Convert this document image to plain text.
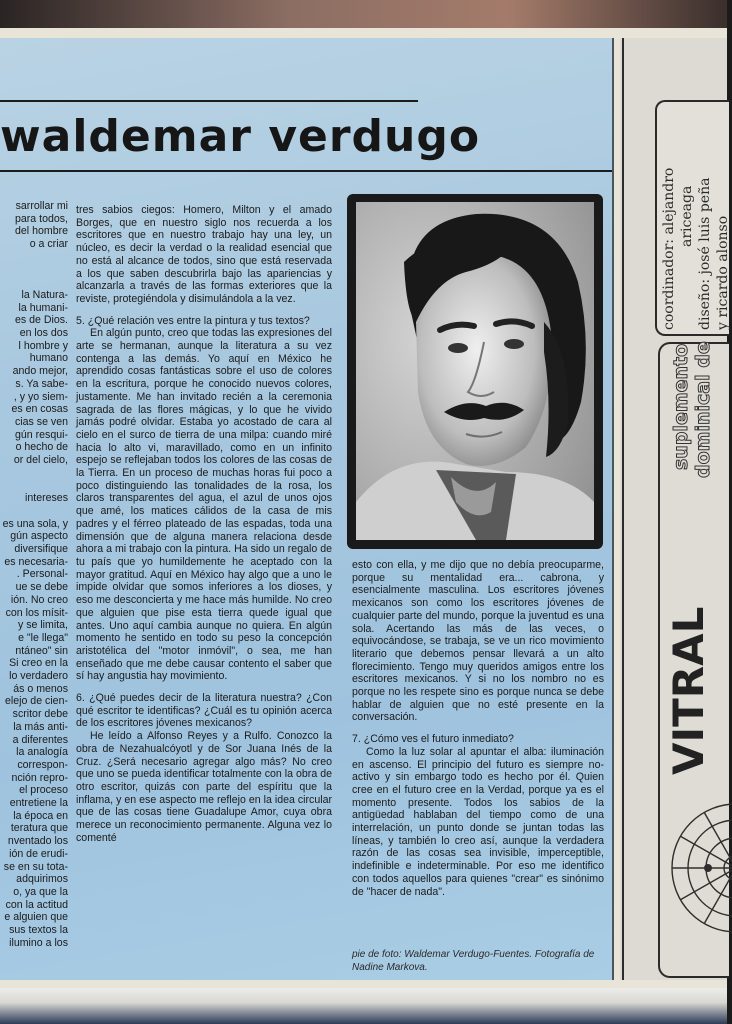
waldemar verdugo
sarrollar mi
para todos,
del hombre
o a criar

la Natura-
la humani-
es de Dios.
en los dos
l hombre y
humano
ando mejor,
s. Ya sabe-
, y yo siem-
es en cosas
cias se ven
gún resqui-
o hecho de
or del cielo,

intereses

es una sola, y
gún aspecto
diversifique
es necesaria-
. Personal-
ue se debe
ión. No creo
con los mísit-
y se limita,
e "le llega"
ntáneo" sin
Si creo en la
lo verdadero
ás o menos
elejo de cien-
scritor debe
la más anti-
a diferentes
la analogía
correspon-
nción repro-
el proceso
entretiene la
la época en
teratura que
nventado los
ión de erudi-
se en su tota-
adquirimos
o, ya que la
con la actitud
e alguien que
sus textos la
ilumino a los

tres sabios ciegos: Homero, Milton y el amado Borges, que en nuestro siglo nos recuerda a los escritores que en nuestro trabajo hay una ley, un núcleo, es decir la verdad o la realidad esencial que no está al alcance de todos, sino que está reservada a los que saben descubrirla bajo las apariencias y alcanzarla a través de las formas exteriores que la reviste, protegiéndola y disimulándola a la vez.

5. ¿Qué relación ves entre la pintura y tus textos?

En algún punto, creo que todas las expresiones del arte se hermanan, aunque la literatura a su vez contenga a las demás. Yo aquí en México he aprendido cosas fantásticas sobre el uso de colores en la escritura, porque he conocido nuevos colores, justamente. Me han invitado recién a la ceremonia sagrada de las flores mágicas, y lo que he vivido jamás podré olvidar. Estaba yo acostado de cara al cielo en el surco de tierra de una milpa: cuando miré hacia lo alto vi, maravillado, como en un infinito espejo se reflejaban todos los colores de las cosas de la Tierra. En un proceso de muchas horas fui poco a poco distinguiendo las tonalidades de la rosa, los claros transparentes del agua, el azul de unos ojos que amé, los matices cálidos de la casa de mis padres y el férreo plateado de las espadas, toda una dimensión que de alguna manera relaciona desde ahora a mi trabajo con la pintura. Ha sido un regalo de tu país que yo humildemente he aceptado con la mayor gratitud. Aquí en México hay algo que a uno le impide olvidar que somos inferiores a los dioses, y eso me desconcierta y me hace más humilde. No creo que alguien que pise esta tierra quede igual que antes. Uno aquí cambia aunque no quiera. En algún momento he sentido en todo su peso la concepción aristotélica del "motor inmóvil", o sea, me han enseñado que me debe causar contento el saber que sí hay angustia hay movimiento.

6. ¿Qué puedes decir de la literatura nuestra? ¿Con qué escritor te identificas? ¿Cuál es tu opinión acerca de los escritores jóvenes mexicanos?

He leído a Alfonso Reyes y a Rulfo. Conozco la obra de Nezahualcóyotl y de Sor Juana Inés de la Cruz. ¿Será necesario agregar algo más? No creo que uno se pueda identificar totalmente con la obra de otro escritor, quizás con parte del espíritu que la inflama, y en ese aspecto me reflejo en la idea circular que de las cosas tiene Guadalupe Amor, cuya obra merece un reconocimiento permanente. Alguna vez lo comenté

esto con ella, y me dijo que no debía preocuparme, porque su mentalidad era... cabrona, y esencialmente masculina. Los escritores jóvenes mexicanos son como los escritores jóvenes de cualquier parte del mundo, porque la juventud es una sola. Acertando las más de las veces, o equivocándose, se trabaja, se ve un rico movimiento literario que debemos pensar llevará a un alto florecimiento. Tengo muy queridos amigos entre los escritores mexicanos. Y si no los nombro no es porque no les respete sino es porque nunca se debe hablar de alguien que no esté presente en la conversación.

7. ¿Cómo ves el futuro inmediato?

Como la luz solar al apuntar el alba: iluminación en ascenso. El principio del futuro es siempre no-activo y sin embargo todo es hecho por él. Quien cree en el futuro cree en la Verdad, porque ya es el momento presente. Todos los sabios de la antigüedad hablaban del tiempo como de una interrelación, un punto donde se juntan todas las líneas, y también lo creo así, aunque la verdadera razón de las cosas sea invisible, imperceptible, indefinible e indeterminable. Por eso me identifico con todos aquellos para quienes "crear" es sinónimo de "hacer de nada".

pie de foto: Waldemar Verdugo-Fuentes. Fotografía de Nadine Markova.
coordinador: alejandro ariceaga diseño: josé luis peña y ricardo alonso
suplemento dominical de
VITRAL
